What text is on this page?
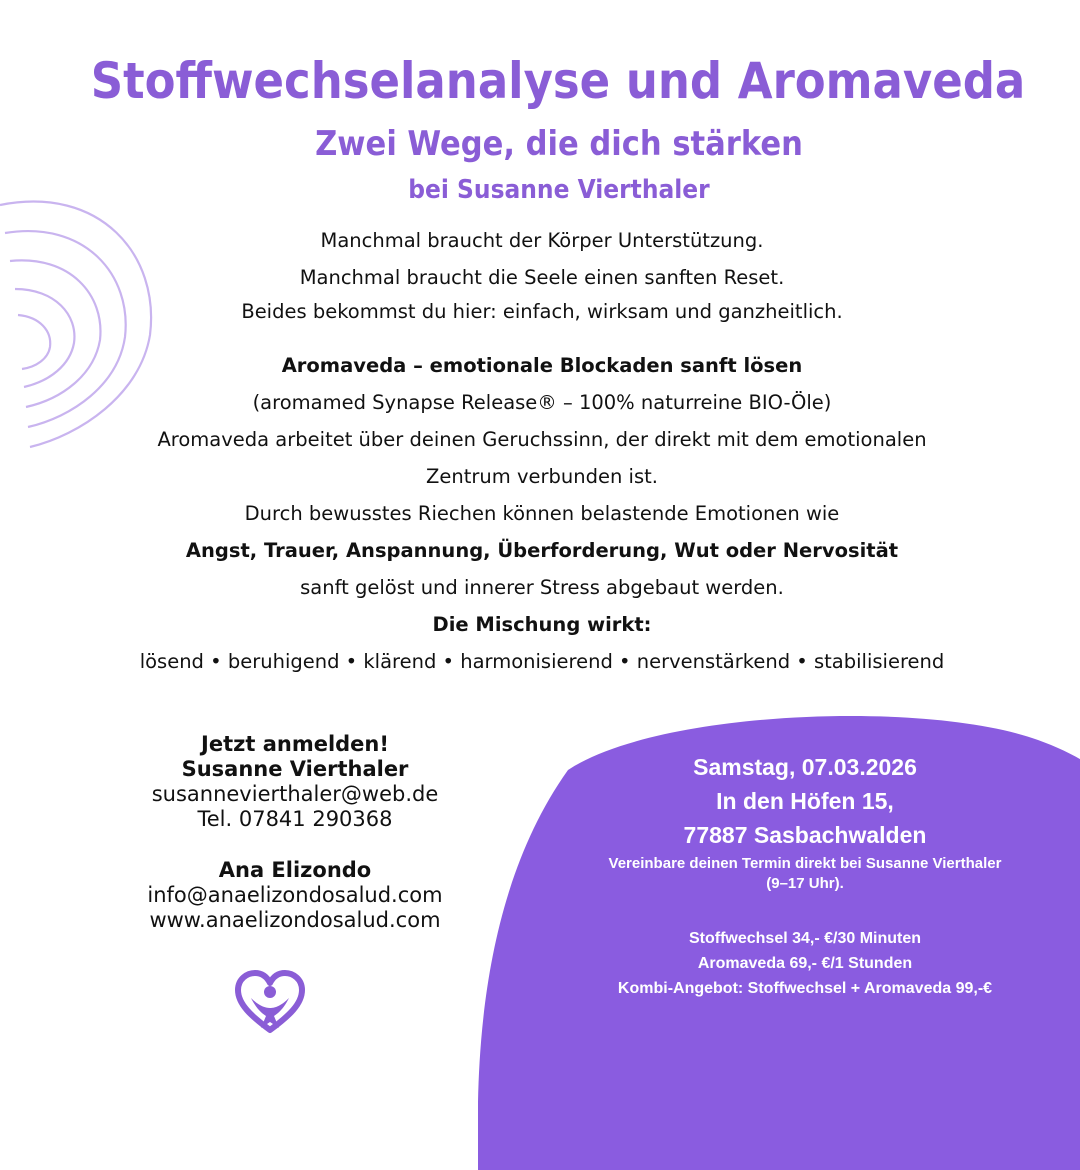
Stoffwechselanalyse und Aromaveda
Zwei Wege, die dich stärken
bei Susanne Vierthaler
Manchmal braucht der Körper Unterstützung.
Manchmal braucht die Seele einen sanften Reset.
Beides bekommst du hier: einfach, wirksam und ganzheitlich.
Aromaveda – emotionale Blockaden sanft lösen
(aromamed Synapse Release® – 100% naturreine BIO-Öle)
Aromaveda arbeitet über deinen Geruchssinn, der direkt mit dem emotionalen
Zentrum verbunden ist.
Durch bewusstes Riechen können belastende Emotionen wie
Angst, Trauer, Anspannung, Überforderung, Wut oder Nervosität
sanft gelöst und innerer Stress abgebaut werden.
Die Mischung wirkt:
lösend • beruhigend • klärend • harmonisierend • nervenstärkend • stabilisierend
Jetzt anmelden!
Susanne Vierthaler
susannevierthaler@web.de
Tel. 07841 290368
Ana Elizondo
info@anaelizondosalud.com
www.anaelizondosalud.com
Samstag, 07.03.2026
In den Höfen 15,
77887 Sasbachwalden
Vereinbare deinen Termin direkt bei Susanne Vierthaler
(9–17 Uhr).
Stoffwechsel 34,- €/30 Minuten
Aromaveda 69,- €/1 Stunden
Kombi-Angebot: Stoffwechsel + Aromaveda 99,-€
